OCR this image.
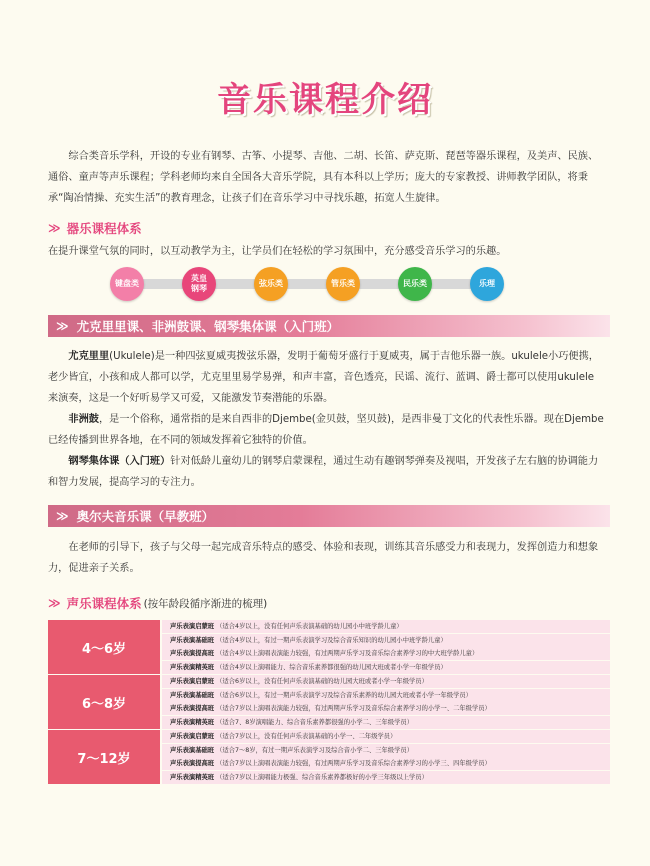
音乐课程介绍

综合类音乐学科，开设的专业有钢琴、古筝、小提琴、吉他、二胡、长笛、萨克斯、琵琶等器乐课程，及美声、民族、通俗、童声等声乐课程；学科老师均来自全国各大音乐学院，具有本科以上学历；庞大的专家教授、讲师教学团队，将秉承“陶冶情操、充实生活”的教育理念，让孩子们在音乐学习中寻找乐趣，拓宽人生旋律。

≫ 器乐课程体系

在提升课堂气氛的同时，以互动教学为主，让学员们在轻松的学习氛围中，充分感受音乐学习的乐趣。

键盘类
英皇钢琴
弦乐类	管乐类	民乐类	乐理
≫ 尤克里里课、非洲鼓课、钢琴集体课（入门班）

尤克里里(Ukulele)是一种四弦夏威夷拨弦乐器，发明于葡萄牙盛行于夏威夷，属于吉他乐器一族。ukulele小巧便携，老少皆宜，小孩和成人都可以学，尤克里里易学易弹，和声丰富，音色透亮，民谣、流行、蓝调、爵士都可以使用ukulele来演奏，这是一个好听易学又可爱，又能激发节奏潜能的乐器。

非洲鼓，是一个俗称，通常指的是来自西非的Djembe(金贝鼓，坚贝鼓)，是西非曼丁文化的代表性乐器。现在Djembe已经传播到世界各地，在不同的领域发挥着它独特的价值。

钢琴集体课（入门班）针对低龄儿童幼儿的钢琴启蒙课程，通过生动有趣钢琴弹奏及视唱，开发孩子左右脑的协调能力和智力发展，提高学习的专注力。

≫ 奥尔夫音乐课（早教班）

在老师的引导下，孩子与父母一起完成音乐特点的感受、体验和表现，训练其音乐感受力和表现力，发挥创造力和想象力，促进亲子关系。

≫ 声乐课程体系 (按年龄段循序渐进的梳理)
4～6岁
声乐表演启蒙班 （适合4岁以上，没有任何声乐表演基础的幼儿园小中班学龄儿童）
声乐表演基础班 （适合4岁以上，有过一期声乐表演学习及综合音乐知识的幼儿园小中班学龄儿童）
声乐表演提高班 （适合4岁以上演唱表演能力较强，有过两期声乐学习及音乐综合素养学习的中大班学龄儿童）
声乐表演精英班 （适合4岁以上演唱能力、综合音乐素养都很强的幼儿园大班或者小学一年级学员）
6～8岁
声乐表演启蒙班 （适合6岁以上，没有任何声乐表演基础的幼儿园大班或者小学一年级学员）
声乐表演基础班 （适合6岁以上，有过一期声乐表演学习及综合音乐素养的幼儿园大班或者小学一年级学员）
声乐表演提高班 （适合7岁以上演唱表演能力较强，有过两期声乐学习及音乐综合素养学习的小学一、二年级学员）
声乐表演精英班 （适合7、8岁演唱能力、综合音乐素养都很强的小学二、三年级学员）
7～12岁
声乐表演启蒙班 （适合7岁以上，没有任何声乐表演基础的小学一、二年级学员）
声乐表演基础班 （适合7～8岁，有过一期声乐表演学习及综合音小学二、三年级学员）
声乐表演提高班 （适合7岁以上演唱表演能力较强，有过两期声乐学习及音乐综合素养学习的小学三、四年级学员）
声乐表演精英班 （适合7岁以上演唱能力极强、综合音乐素养都极好的小学三年级以上学员）
